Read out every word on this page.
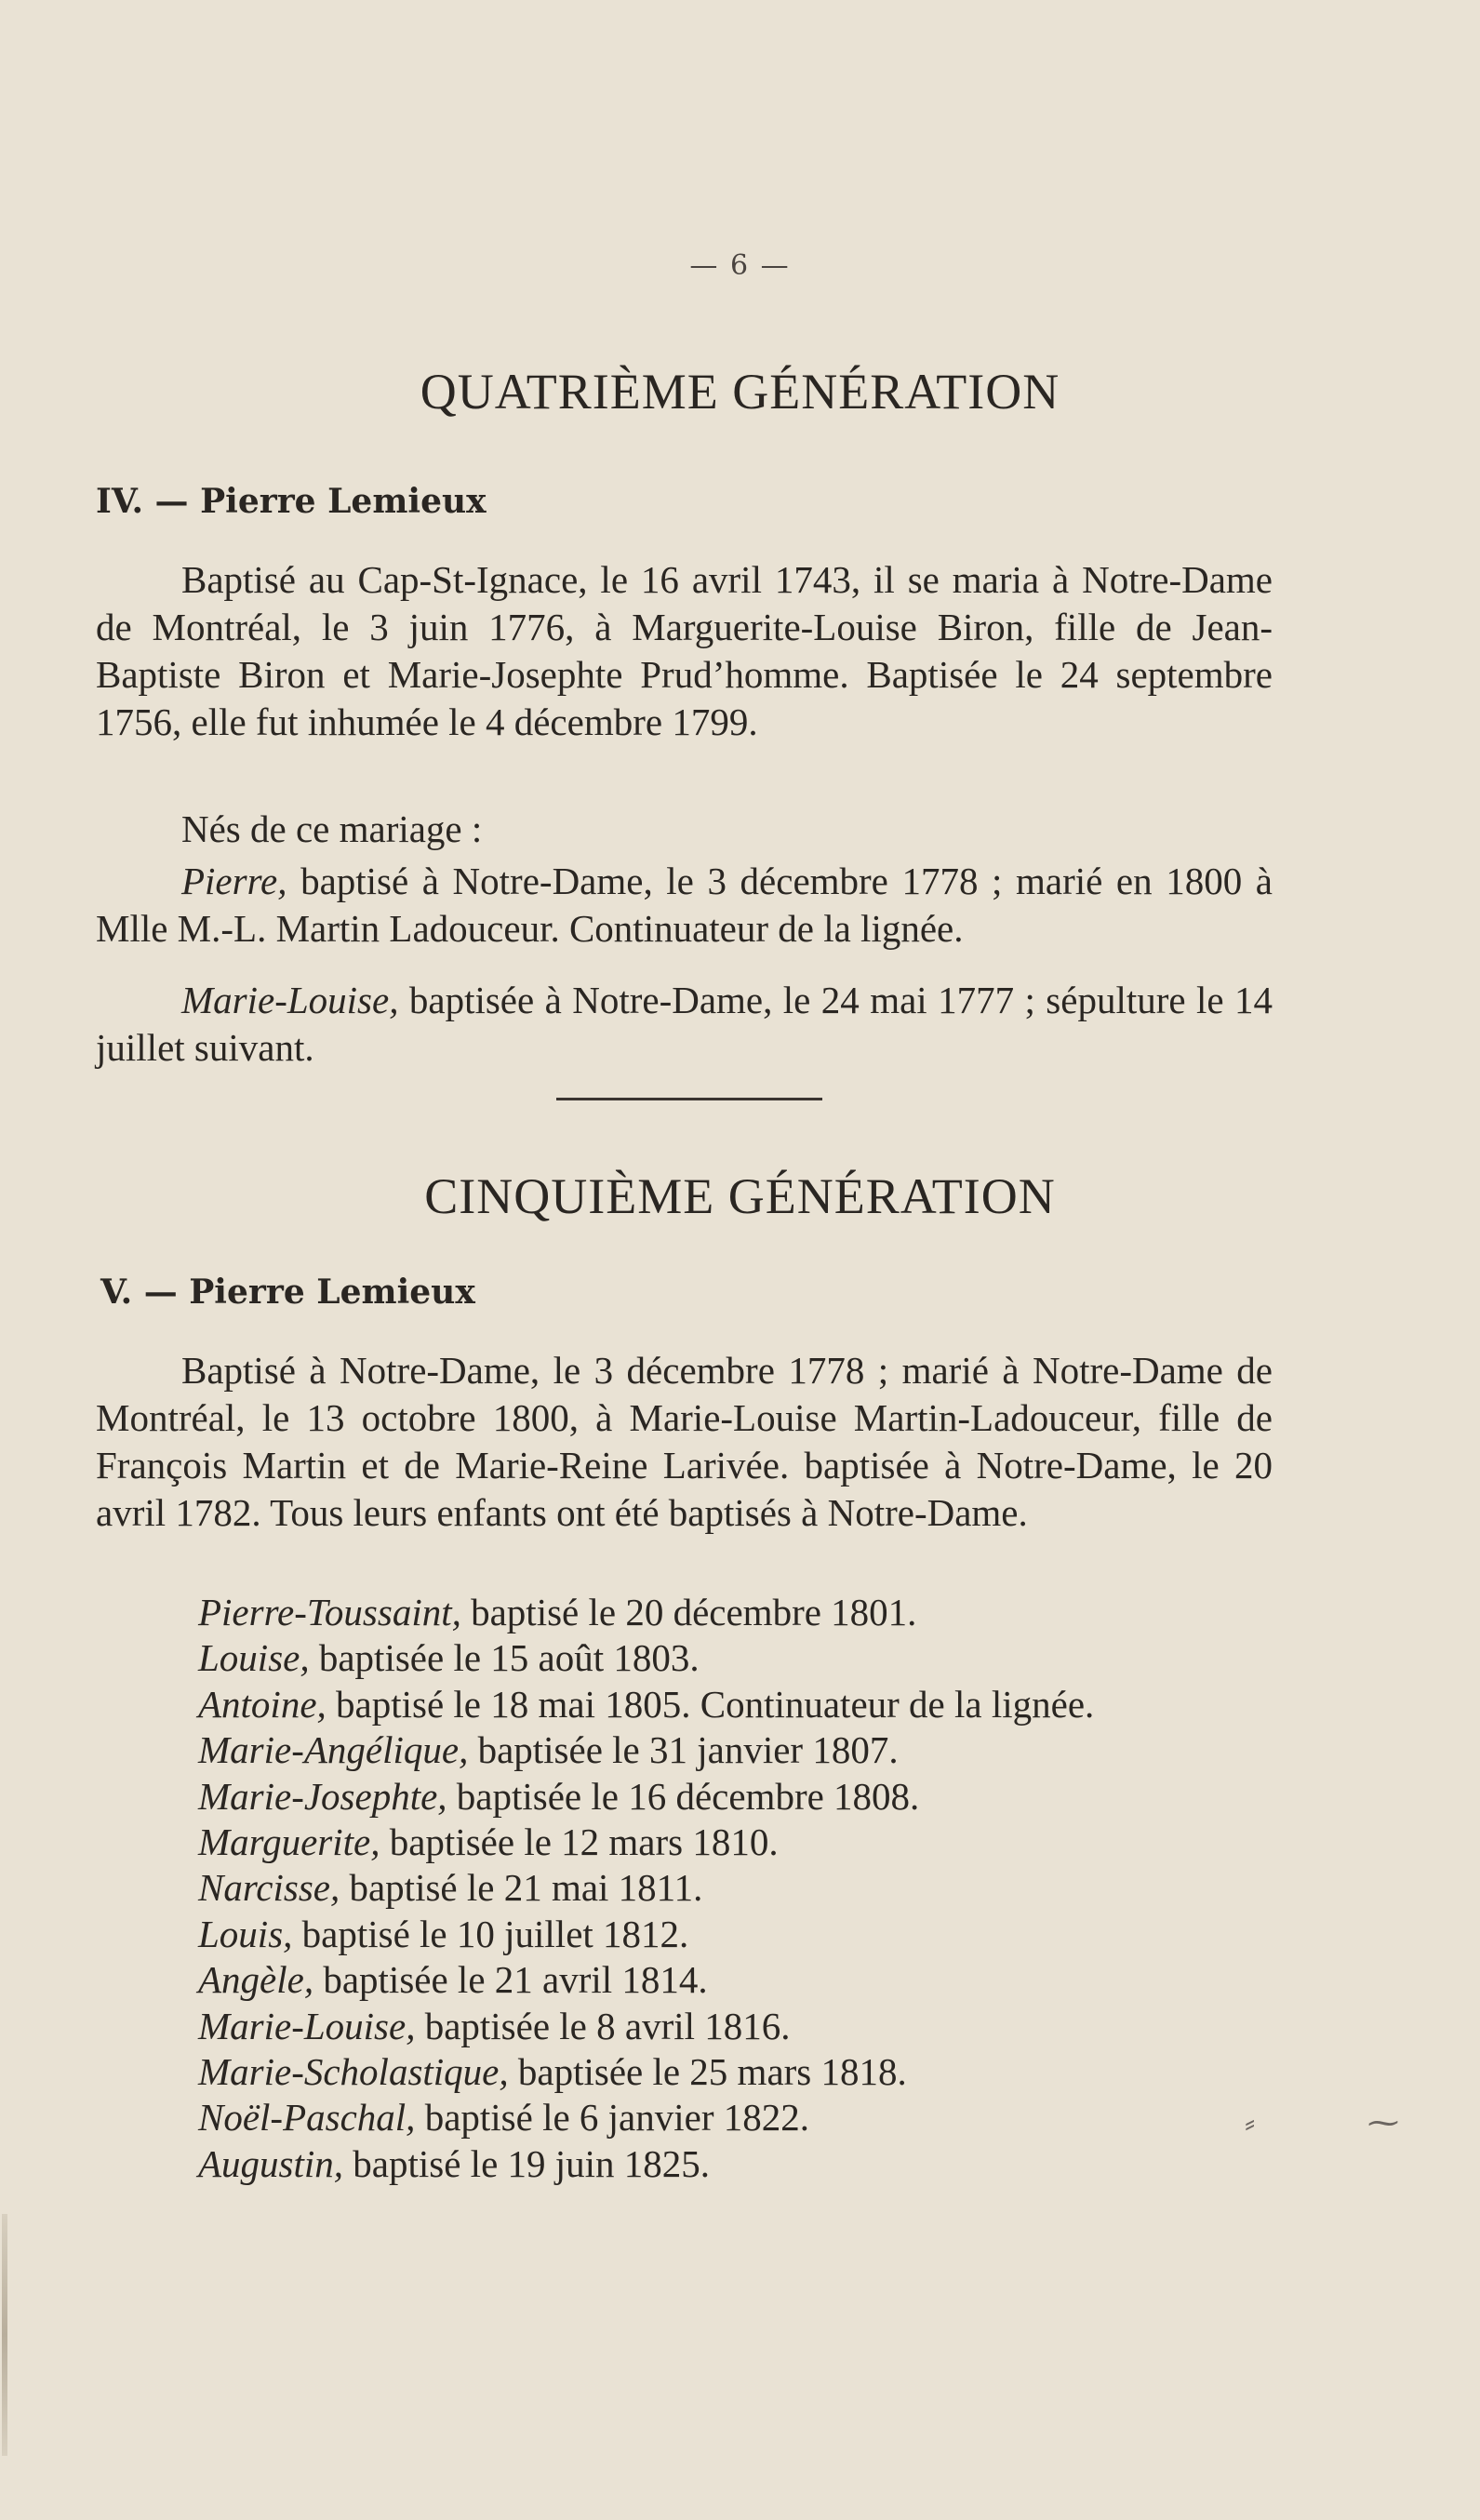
— 6 —
QUATRIÈME GÉNÉRATION
IV. — Pierre Lemieux

Baptisé au Cap-St-Ignace, le 16 avril 1743, il se maria à Notre-Dame de Montréal, le 3 juin 1776, à Marguerite-Louise Biron, fille de Jean-Baptiste Biron et Marie-Josephte Prud’homme. Baptisée le 24 septembre 1756, elle fut inhumée le 4 décembre 1799.

Nés de ce mariage :

Pierre, baptisé à Notre-Dame, le 3 décembre 1778 ; marié en 1800 à Mlle M.-L. Martin Ladouceur. Continuateur de la lignée.

Marie-Louise, baptisée à Notre-Dame, le 24 mai 1777 ; sépulture le 14 juillet suivant.

CINQUIÈME GÉNÉRATION
V. — Pierre Lemieux

Baptisé à Notre-Dame, le 3 décembre 1778 ; marié à Notre-Dame de Montréal, le 13 octobre 1800, à Marie-Louise Martin-Ladouceur, fille de François Martin et de Marie-Reine Larivée. baptisée à Notre-Dame, le 20 avril 1782. Tous leurs enfants ont été baptisés à Notre-Dame.

Pierre-Toussaint, baptisé le 20 décembre 1801.
Louise, baptisée le 15 août 1803.
Antoine, baptisé le 18 mai 1805. Continuateur de la lignée.
Marie-Angélique, baptisée le 31 janvier 1807.
Marie-Josephte, baptisée le 16 décembre 1808.
Marguerite, baptisée le 12 mars 1810.
Narcisse, baptisé le 21 mai 1811.
Louis, baptisé le 10 juillet 1812.
Angèle, baptisée le 21 avril 1814.
Marie-Louise, baptisée le 8 avril 1816.
Marie-Scholastique, baptisée le 25 mars 1818.
Noël-Paschal, baptisé le 6 janvier 1822.
Augustin, baptisé le 19 juin 1825.
⸗	⁓
